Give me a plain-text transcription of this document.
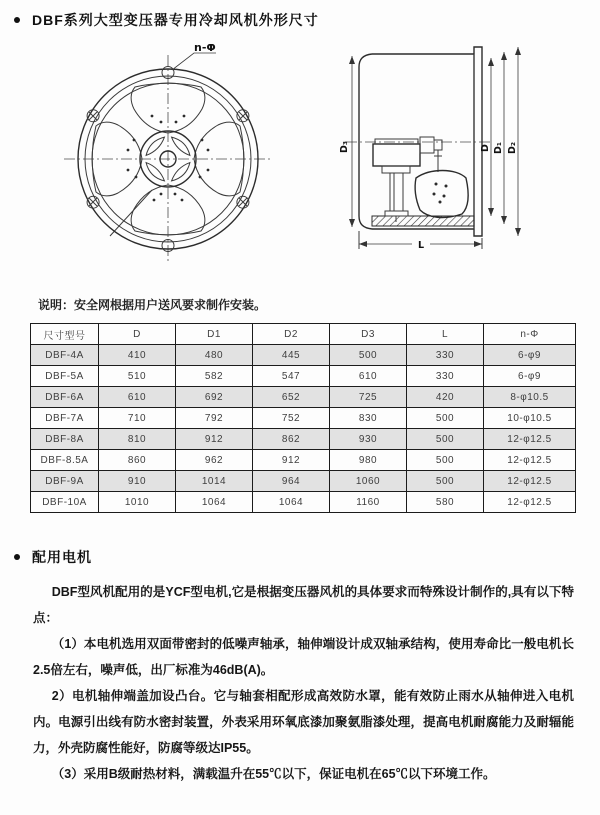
DBF系列大型变压器专用冷却风机外形尺寸
n-Φ
D₃	D D₁ D₂
L
说明：安全网根据用户送风要求制作安装。
尺寸型号	D	D1	D2	D3	L	n-Φ
DBF-4A	410	480	445	500	330	6-φ9
DBF-5A	510	582	547	610	330	6-φ9
DBF-6A	610	692	652	725	420	8-φ10.5
DBF-7A	710	792	752	830	500	10-φ10.5
DBF-8A	810	912	862	930	500	12-φ12.5
DBF-8.5A	860	962	912	980	500	12-φ12.5
DBF-9A	910	1014	964	1060	500	12-φ12.5
DBF-10A	1010	1064	1064	1160	580	12-φ12.5
配用电机

DBF型风机配用的是YCF型电机,它是根据变压器风机的具体要求而特殊设计制作的,具有以下特点：

（1）本电机选用双面带密封的低噪声轴承，轴伸端设计成双轴承结构，使用寿命比一般电机长2.5倍左右，噪声低，出厂标准为46dB(A)。

2）电机轴伸端盖加设凸台。它与轴套相配形成高效防水罩，能有效防止雨水从轴伸进入电机内。电源引出线有防水密封装置，外表采用环氧底漆加聚氨脂漆处理，提高电机耐腐能力及耐辐能力，外壳防腐性能好，防腐等级达IP55。

（3）采用B级耐热材料，满载温升在55℃以下，保证电机在65℃以下环境工作。
